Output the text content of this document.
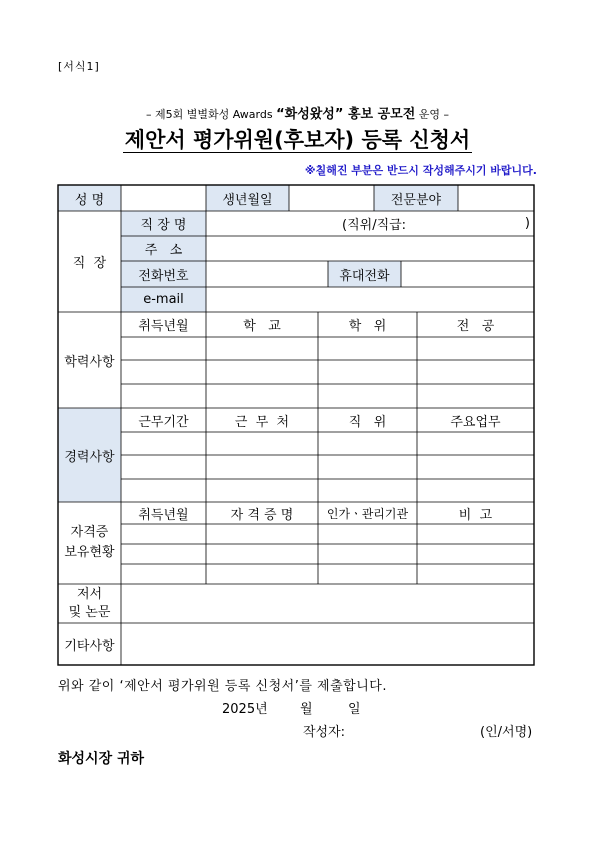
[서식1]
– 제5회 별별화성 Awards “화성왔성” 홍보 공모전 운영 –
제안서 평가위원(후보자) 등록 신청서
※칠해진 부분은 반드시 작성해주시기 바랍니다.
성 명	생년월일	전문분야
직  장
직 장 명	(직위/직급:	)
주   소
전화번호	휴대전화
e-mail
학력사항
취득년월	학   교	학   위	전   공
경력사항
근무기간	근  무  처	직   위	주요업무
자격증
보유현황
취득년월	자 격 증 명	인가ㆍ관리기관	비  고
저서
및 논문
기타사항
위와 같이 ‘제안서 평가위원 등록 신청서’를 제출합니다.
2025년 월	일
작성자:	(인/서명)
화성시장 귀하
